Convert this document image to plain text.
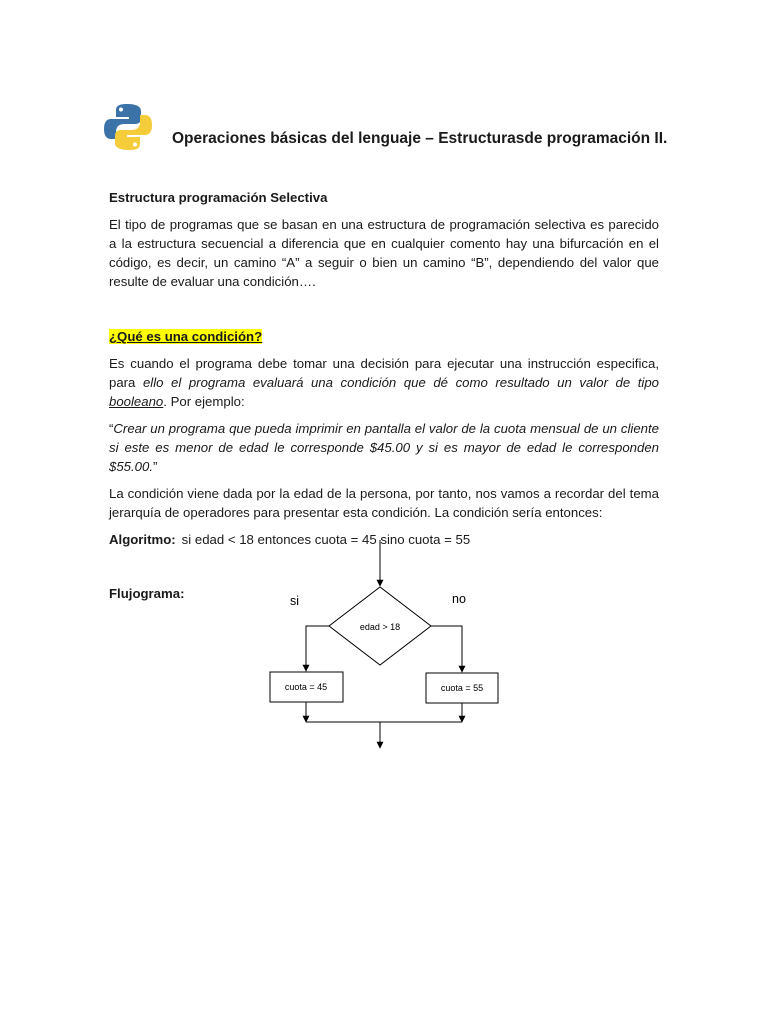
Operaciones básicas del lenguaje – Estructurasde programación II.

Estructura programación Selectiva

El tipo de programas que se basan en una estructura de programación selectiva es parecido a la estructura secuencial a diferencia que en cualquier comento hay una bifurcación en el código, es decir, un camino “A” a seguir o bien un camino “B”, dependiendo del valor que resulte de evaluar una condición….

¿Qué es una condición?

Es cuando el programa debe tomar una decisión para ejecutar una instrucción especifica, para ello el programa evaluará una condición que dé como resultado un valor de tipo booleano. Por ejemplo:

“Crear un programa que pueda imprimir en pantalla el valor de la cuota mensual de un cliente si este es menor de edad le corresponde $45.00 y si es mayor de edad le corresponden $55.00.”

La condición viene dada por la edad de la persona, por tanto, nos vamos a recordar del tema jerarquía de operadores para presentar esta condición. La condición sería entonces:

Algoritmo: si edad < 18 entonces cuota = 45 sino cuota = 55

Flujograma:
edad > 18
si	no
cuota = 45	cuota = 55
